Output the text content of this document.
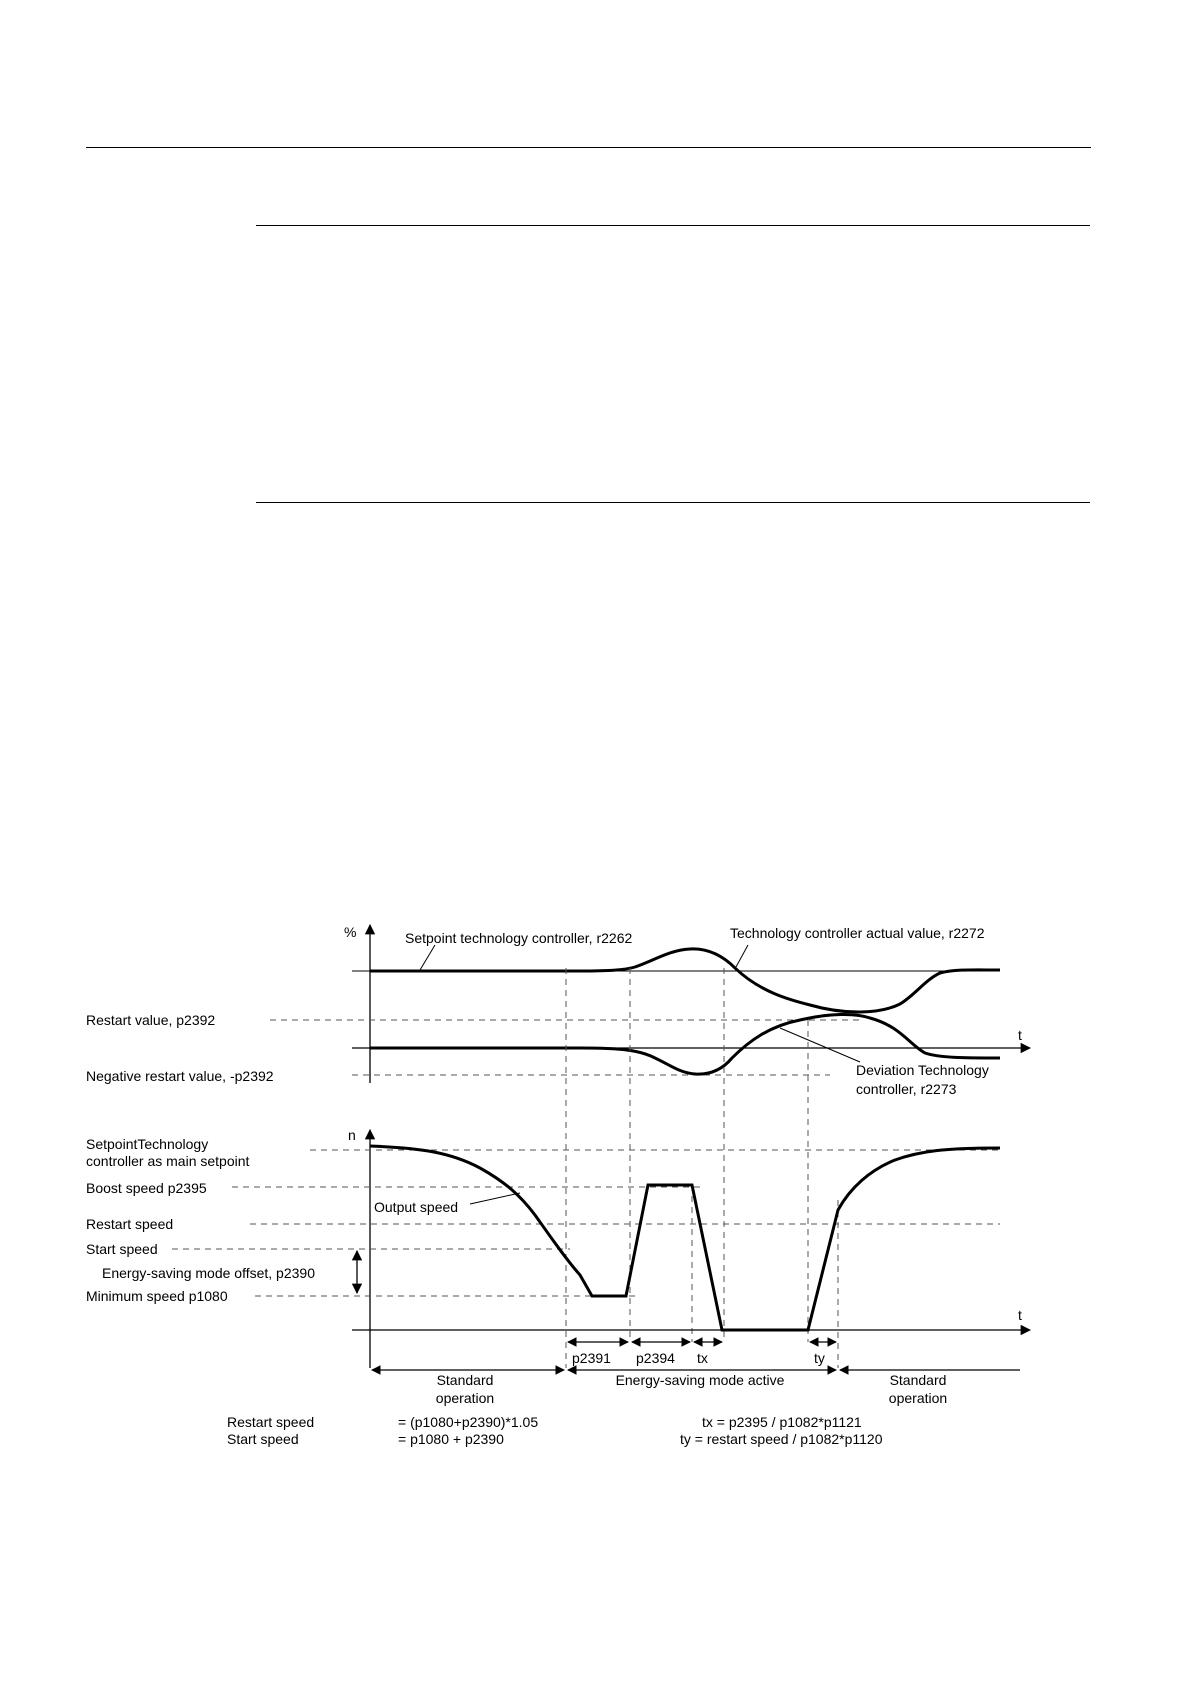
%
t
Setpoint technology controller, r2262	Technology controller actual value, r2272
Deviation Technology
controller, r2273
Restart value, p2392
Negative restart value, -p2392
n
t
Output speed
SetpointTechnology
controller as main setpoint
Boost speed p2395
Restart speed
Start speed
Energy-saving mode offset, p2390
Minimum speed p1080
p2391 p2394 tx	ty
Standard
operation
Energy-saving mode active	Standard
operation
Restart speed	= (p1080+p2390)*1.05
Start speed	= p1080 + p2390
tx = p2395 / p1082*p1121
ty = restart speed / p1082*p1120
